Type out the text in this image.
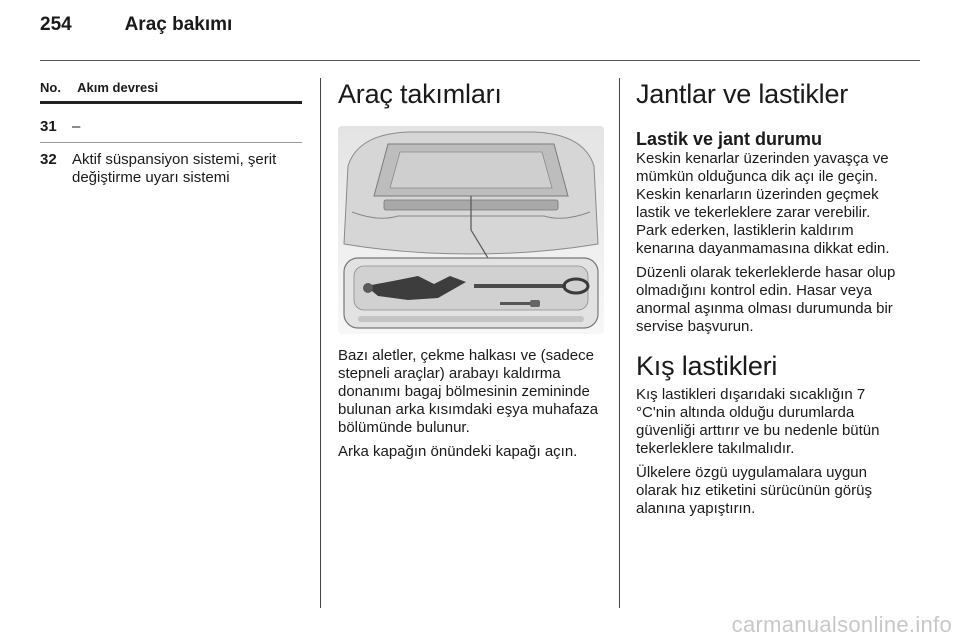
254	Araç bakımı
No. Akım devresi
31	–
32	Aktif süspansiyon sistemi, şerit değiştirme uyarı sistemi
Araç takımları

Bazı aletler, çekme halkası ve (sadece stepneli araçlar) arabayı kaldırma donanımı bagaj bölmesinin zemininde bulunan arka kısımdaki eşya muhafaza bölümünde bulunur.

Arka kapağın önündeki kapağı açın.

Jantlar ve lastikler
Lastik ve jant durumu

Keskin kenarlar üzerinden yavaşça ve mümkün olduğunca dik açı ile geçin. Keskin kenarların üzerinden geçmek lastik ve tekerleklere zarar verebilir. Park ederken, lastiklerin kaldırım kenarına dayanmamasına dikkat edin.

Düzenli olarak tekerleklerde hasar olup olmadığını kontrol edin. Hasar veya anormal aşınma olması durumunda bir servise başvurun.

Kış lastikleri

Kış lastikleri dışarıdaki sıcaklığın 7 °C'nin altında olduğu durumlarda güvenliği arttırır ve bu nedenle bütün tekerleklere takılmalıdır.

Ülkelere özgü uygulamalara uygun olarak hız etiketini sürücünün görüş alanına yapıştırın.

carmanualsonline.info
